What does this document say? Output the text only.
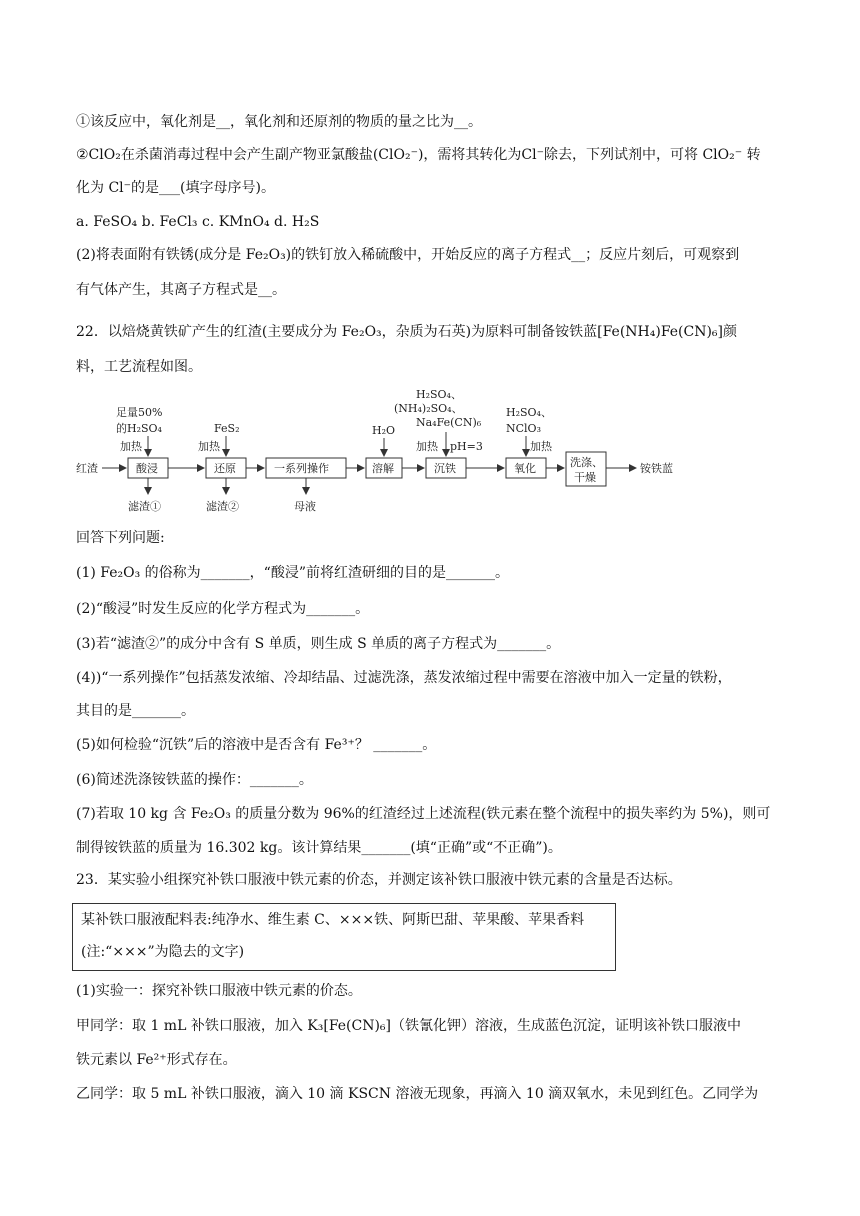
①该反应中，氧化剂是__，氧化剂和还原剂的物质的量之比为__。
②ClO₂在杀菌消毒过程中会产生副产物亚氯酸盐(ClO₂⁻)，需将其转化为Cl⁻除去，下列试剂中，可将 ClO₂⁻ 转
化为 Cl⁻的是___(填字母序号)。
a. FeSO₄ b. FeCl₃ c. KMnO₄ d. H₂S
(2)将表面附有铁锈(成分是 Fe₂O₃)的铁钉放入稀硫酸中，开始反应的离子方程式__；反应片刻后，可观察到
有气体产生，其离子方程式是__。
22．以焙烧黄铁矿产生的红渣(主要成分为 Fe₂O₃，杂质为石英)为原料可制备铵铁蓝[Fe(NH₄)Fe(CN)₆]颜
料，工艺流程如图。
红渣	酸浸
足量50%
的H₂SO₄
加热
滤渣①
还原
FeS₂
加热
滤渣②
一系列操作
母液
溶解
H₂O
沉铁
H₂SO₄、
(NH₄)₂SO₄、
Na₄Fe(CN)₆
加热 pH=3
氧化
H₂SO₄、
NClO₃
加热
洗涤、
干燥
铵铁蓝
回答下列问题:
(1) Fe₂O₃ 的俗称为_______，“酸浸”前将红渣研细的目的是_______。
(2)“酸浸”时发生反应的化学方程式为_______。
(3)若“滤渣②”的成分中含有 S 单质，则生成 S 单质的离子方程式为_______。
(4))“一系列操作”包括蒸发浓缩、冷却结晶、过滤洗涤，蒸发浓缩过程中需要在溶液中加入一定量的铁粉，
其目的是_______。
(5)如何检验“沉铁”后的溶液中是否含有 Fe³⁺？ _______。
(6)简述洗涤铵铁蓝的操作：_______。
(7)若取 10 kg 含 Fe₂O₃ 的质量分数为 96%的红渣经过上述流程(铁元素在整个流程中的损失率约为 5%)，则可
制得铵铁蓝的质量为 16.302 kg。该计算结果_______(填“正确”或“不正确”)。
23．某实验小组探究补铁口服液中铁元素的价态，并测定该补铁口服液中铁元素的含量是否达标。
某补铁口服液配料表:纯净水、维生素 C、×××铁、阿斯巴甜、苹果酸、苹果香料
(注:“×××”为隐去的文字)
(1)实验一：探究补铁口服液中铁元素的价态。
甲同学：取 1 mL 补铁口服液，加入 K₃[Fe(CN)₆]（铁氰化钾）溶液，生成蓝色沉淀，证明该补铁口服液中
铁元素以 Fe²⁺形式存在。
乙同学：取 5 mL 补铁口服液，滴入 10 滴 KSCN 溶液无现象，再滴入 10 滴双氧水，未见到红色。乙同学为
